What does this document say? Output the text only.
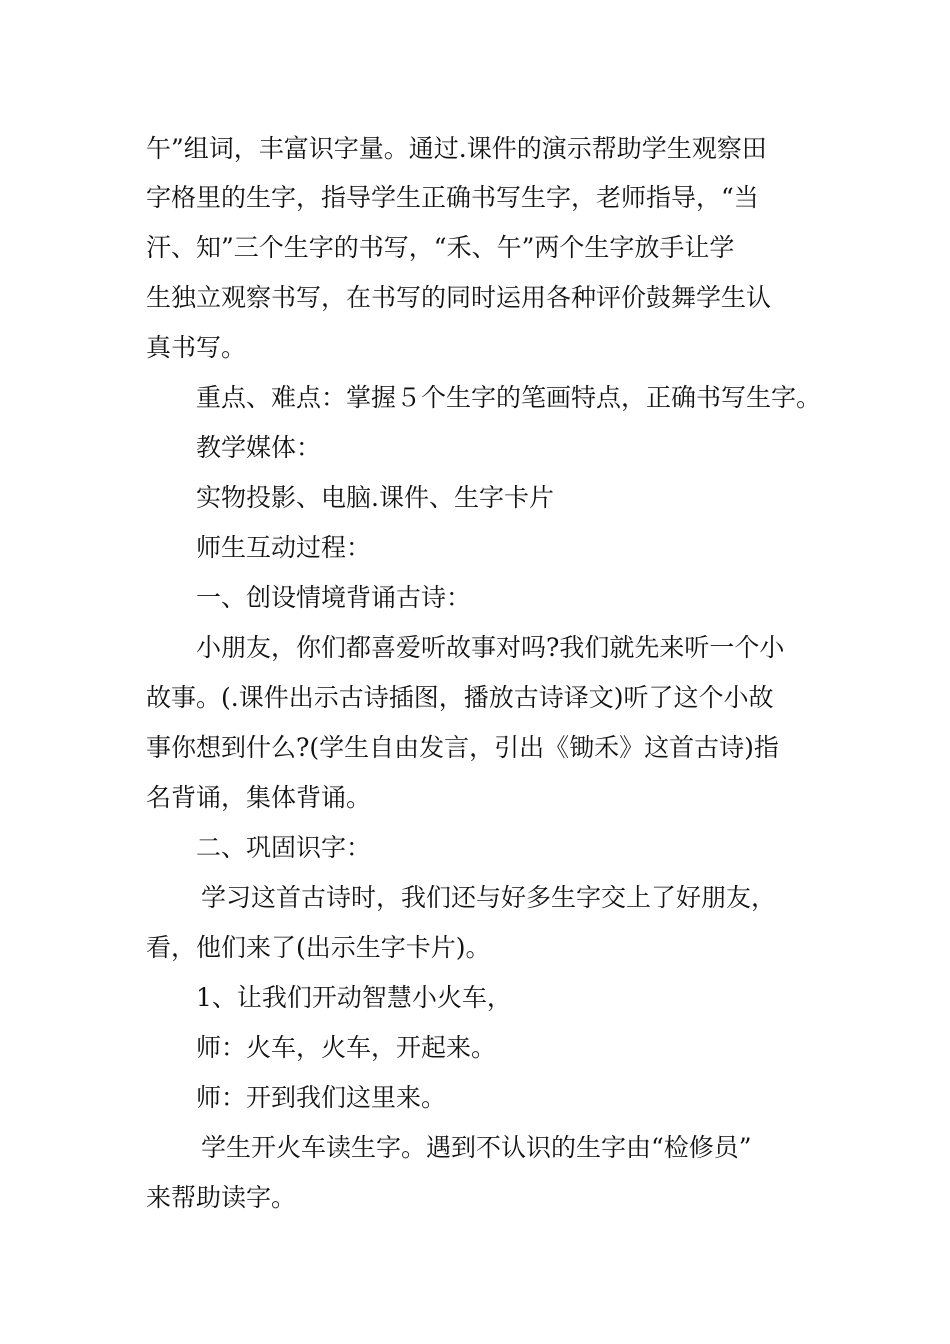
午”组词，丰富识字量。通过.课件的演示帮助学生观察田
字格里的生字，指导学生正确书写生字，老师指导，“当
汗、知”三个生字的书写，“禾、午”两个生字放手让学
生独立观察书写，在书写的同时运用各种评价鼓舞学生认
真书写。
重点、难点：掌握５个生字的笔画特点，正确书写生字。
教学媒体：
实物投影、电脑.课件、生字卡片
师生互动过程：
一、创设情境背诵古诗：
小朋友，你们都喜爱听故事对吗?我们就先来听一个小
故事。(.课件出示古诗插图，播放古诗译文)听了这个小故
事你想到什么?(学生自由发言，引出《锄禾》这首古诗)指
名背诵，集体背诵。
二、巩固识字：
学习这首古诗时，我们还与好多生字交上了好朋友，
看，他们来了(出示生字卡片)。
1、让我们开动智慧小火车，
师：火车，火车，开起来。
师：开到我们这里来。
学生开火车读生字。遇到不认识的生字由“检修员”
来帮助读字。
